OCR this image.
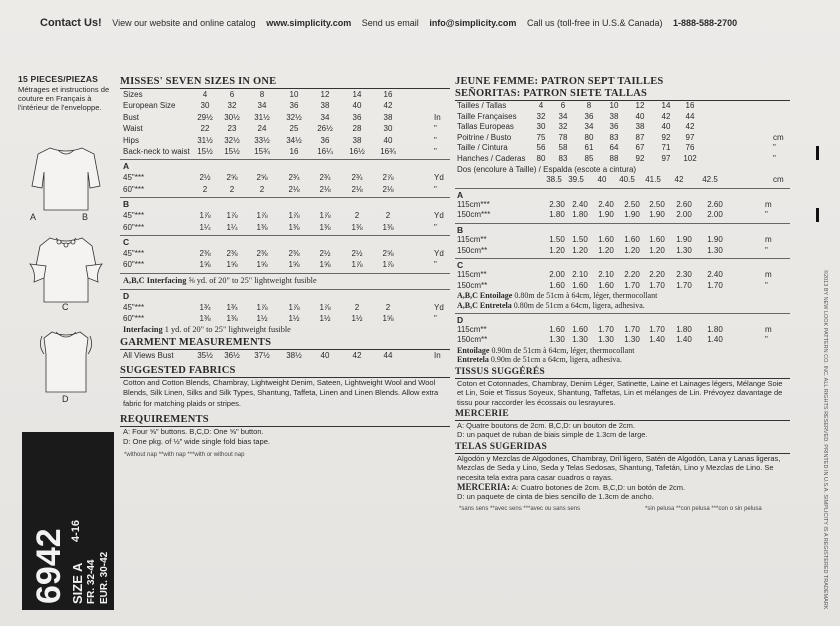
Contact Us! View our website and online catalog www.simplicity.com Send us email info@simplicity.com Call us (toll-free in U.S.& Canada) 1-888-588-2700
15 PIECES/PIEZAS
Métrages et instructions de couture en Français à l'intérieur de l'enveloppe.
A	B
C
D
6942 SIZE A
4-16
FR. 32-44 EUR. 30-42
MISSES' SEVEN SIZES IN ONE
Sizes	4	6	8	10	12	14	16
European Size	30	32	34	36	38	40	42
Bust	29½	30½	31½	32½	34	36	38	In
Waist	22	23	24	25	26½	28	30	"
Hips	31½	32½	33½	34½	36	38	40	"
Back-neck to waist 15½	15½	15¾	16	16¼	16½	16¾	"
A
45"***	2½	2⅝	2⅝	2¾	2¾	2¾	2⅞	Yd
60"***	2	2	2	2⅛	2⅛	2⅛	2⅛	"
B
45"***	1⅞	1⅞	1⅞	1⅞	1⅞	2	2	Yd
60"***	1¼	1¼	1⅜	1⅜	1⅜	1⅜	1⅜	"
C
45"***	2⅜	2⅜	2⅜	2⅜	2½	2½	2⅝	Yd
60"***	1⅝	1⅝	1⅝	1⅝	1⅝	1⅞	1⅞	"
A,B,C Interfacing ⅝ yd. of 20" to 25" lightweight fusible
D
45"***	1¾	1¾	1⅞	1⅞	1⅞	2	2	Yd
60"***	1⅜	1⅜	1½	1½	1½	1½	1⅝	"
Interfacing 1 yd. of 20" to 25" lightweight fusible
GARMENT MEASUREMENTS
All Views Bust	35½	36½	37½	38½	40	42	44	In
SUGGESTED FABRICS
Cotton and Cotton Blends, Chambray, Lightweight Denim, Sateen, Lightweight Wool and Wool Blends, Silk Linen, Silks and Silk Types, Shantung, Taffeta, Linen and Linen Blends. Allow extra fabric for matching plaids or stripes.
REQUIREMENTS
A: Four ⅝" buttons. B,C,D: One ⅝" button.
D: One pkg. of ½" wide single fold bias tape.
*without nap **with nap ***with or without nap
JEUNE FEMME: PATRON SEPT TAILLES
SEÑORITAS: PATRON SIETE TALLAS
Tailles / Tallas	4	6	8	10	12	14	16
Taille Françaises	32	34	36	38	40	42	44
Tallas Europeas	30	32	34	36	38	40	42
Poitrine / Busto	75	78	80	83	87	92	97	cm
Taille / Cintura	56	58	61	64	67	71	76	"
Hanches / Caderas	80	83	85	88	92	97	102	"
Dos (encolure à Taille) / Espalda (escote a cintura)
38.5 39.5	40	40.5	41.5	42	42.5	cm
A
115cm***	2.30 2.40	2.40	2.50	2.50	2.60	2.60	m
150cm***	1.80 1.80	1.90	1.90	1.90	2.00	2.00	"
B
115cm**	1.50 1.50	1.60	1.60	1.60	1.90	1.90	m
150cm**	1.20 1.20	1.20	1.20	1.20	1.30	1.30	"
C
115cm**	2.00 2.10	2.10	2.20	2.20	2.30	2.40	m
150cm**	1.60 1.60	1.60	1.70	1.70	1.70	1.70	"
A,B,C Entoilage 0.80m de 51cm à 64cm, léger, thermocollant
A,B,C Entretela 0.80m de 51cm a 64cm, ligera, adhesiva.
D
115cm**	1.60 1.60	1.70	1.70	1.70	1.80	1.80	m
150cm**	1.30 1.30	1.30	1.30	1.40	1.40	1.40	"
Entoilage 0.90m de 51cm à 64cm, léger, thermocollant
Entretela 0.90m de 51cm a 64cm, ligera, adhesiva.
TISSUS SUGGÉRÉS
Coton et Cotonnades, Chambray, Denim Léger, Satinette, Laine et Lainages légers, Mélange Soie et Lin, Soie et Tissus Soyeux, Shantung, Taffetas, Lin et mélanges de Lin. Prévoyez davantage de tissu pour raccorder les écossais ou lesrayures.
MERCERIE
A: Quatre boutons de 2cm. B,C,D: un bouton de 2cm.
D: un paquet de ruban de biais simple de 1.3cm de large.
TELAS SUGERIDAS
Algodón y Mezclas de Algodones, Chambray, Dril ligero, Satén de Algodón, Lana y Lanas ligeras, Mezclas de Seda y Lino, Seda y Telas Sedosas, Shantung, Tafetán, Lino y Mezclas de Lino. Se necesita tela extra para casar cuadros o rayas.
MERCERIA: A: Cuatro botones de 2cm. B,C,D: un botón de 2cm.
D: un paquete de cinta de bies sencillo de 1.3cm de ancho.
*sans sens **avec sens ***avec ou sans sens	*sin pelusa **con pelusa ***con o sin pelusa	©2013 BY NEW LOOK PATTERN CO. INC. ALL RIGHTS RESERVED. PRINTED IN U.S.A. SIMPLICITY IS A REGISTERED TRADEMARK
